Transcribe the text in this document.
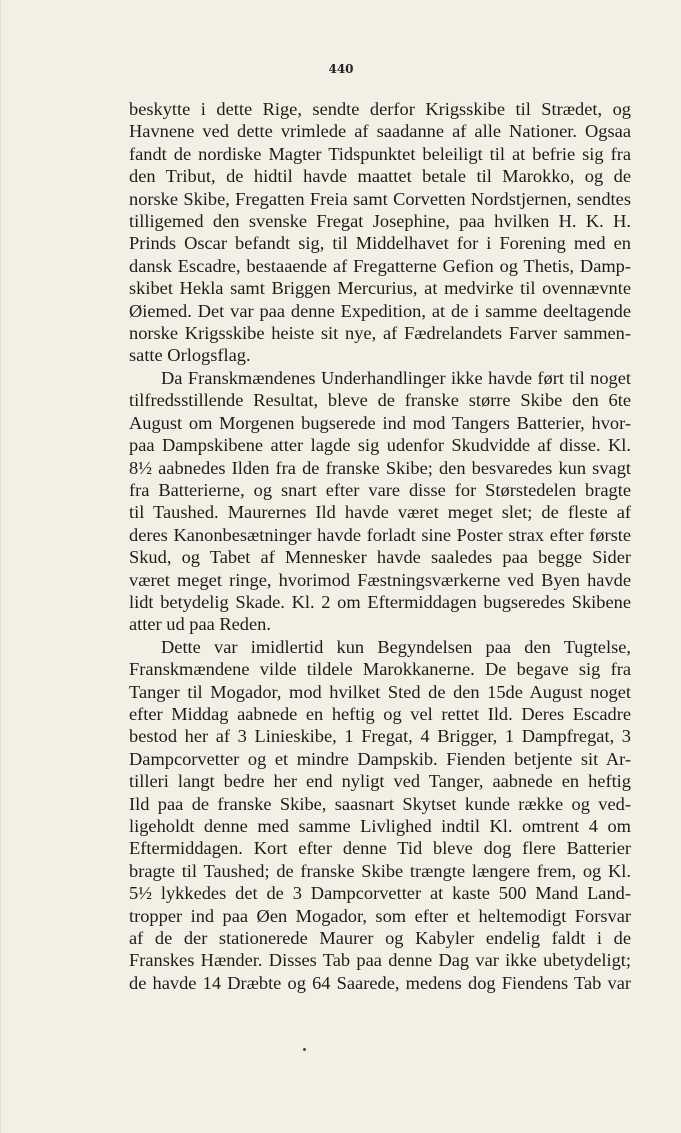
440
beskytte i dette Rige, sendte derfor Krigsskibe til Strædet, og
Havnene ved dette vrimlede af saadanne af alle Nationer. Ogsaa
fandt de nordiske Magter Tidspunktet beleiligt til at befrie sig fra
den Tribut, de hidtil havde maattet betale til Marokko, og de
norske Skibe, Fregatten Freia samt Corvetten Nordstjernen, sendtes
tilligemed den svenske Fregat Josephine, paa hvilken H. K. H.
Prinds Oscar befandt sig, til Middelhavet for i Forening med en
dansk Escadre, bestaaende af Fregatterne Gefion og Thetis, Damp-
skibet Hekla samt Briggen Mercurius, at medvirke til ovennævnte
Øiemed. Det var paa denne Expedition, at de i samme deeltagende
norske Krigsskibe heiste sit nye, af Fædrelandets Farver sammen-
satte Orlogsflag.
Da Franskmændenes Underhandlinger ikke havde ført til noget
tilfredsstillende Resultat, bleve de franske større Skibe den 6te
August om Morgenen bugserede ind mod Tangers Batterier, hvor-
paa Dampskibene atter lagde sig udenfor Skudvidde af disse. Kl.
8½ aabnedes Ilden fra de franske Skibe; den besvaredes kun svagt
fra Batterierne, og snart efter vare disse for Størstedelen bragte
til Taushed. Maurernes Ild havde været meget slet; de fleste af
deres Kanonbesætninger havde forladt sine Poster strax efter første
Skud, og Tabet af Mennesker havde saaledes paa begge Sider
været meget ringe, hvorimod Fæstningsværkerne ved Byen havde
lidt betydelig Skade. Kl. 2 om Eftermiddagen bugseredes Skibene
atter ud paa Reden.
Dette var imidlertid kun Begyndelsen paa den Tugtelse,
Franskmændene vilde tildele Marokkanerne. De begave sig fra
Tanger til Mogador, mod hvilket Sted de den 15de August noget
efter Middag aabnede en heftig og vel rettet Ild. Deres Escadre
bestod her af 3 Linieskibe, 1 Fregat, 4 Brigger, 1 Dampfregat, 3
Dampcorvetter og et mindre Dampskib. Fienden betjente sit Ar-
tilleri langt bedre her end nyligt ved Tanger, aabnede en heftig
Ild paa de franske Skibe, saasnart Skytset kunde række og ved-
ligeholdt denne med samme Livlighed indtil Kl. omtrent 4 om
Eftermiddagen. Kort efter denne Tid bleve dog flere Batterier
bragte til Taushed; de franske Skibe trængte længere frem, og Kl.
5½ lykkedes det de 3 Dampcorvetter at kaste 500 Mand Land-
tropper ind paa Øen Mogador, som efter et heltemodigt Forsvar
af de der stationerede Maurer og Kabyler endelig faldt i de
Franskes Hænder. Disses Tab paa denne Dag var ikke ubetydeligt;
de havde 14 Dræbte og 64 Saarede, medens dog Fiendens Tab var
